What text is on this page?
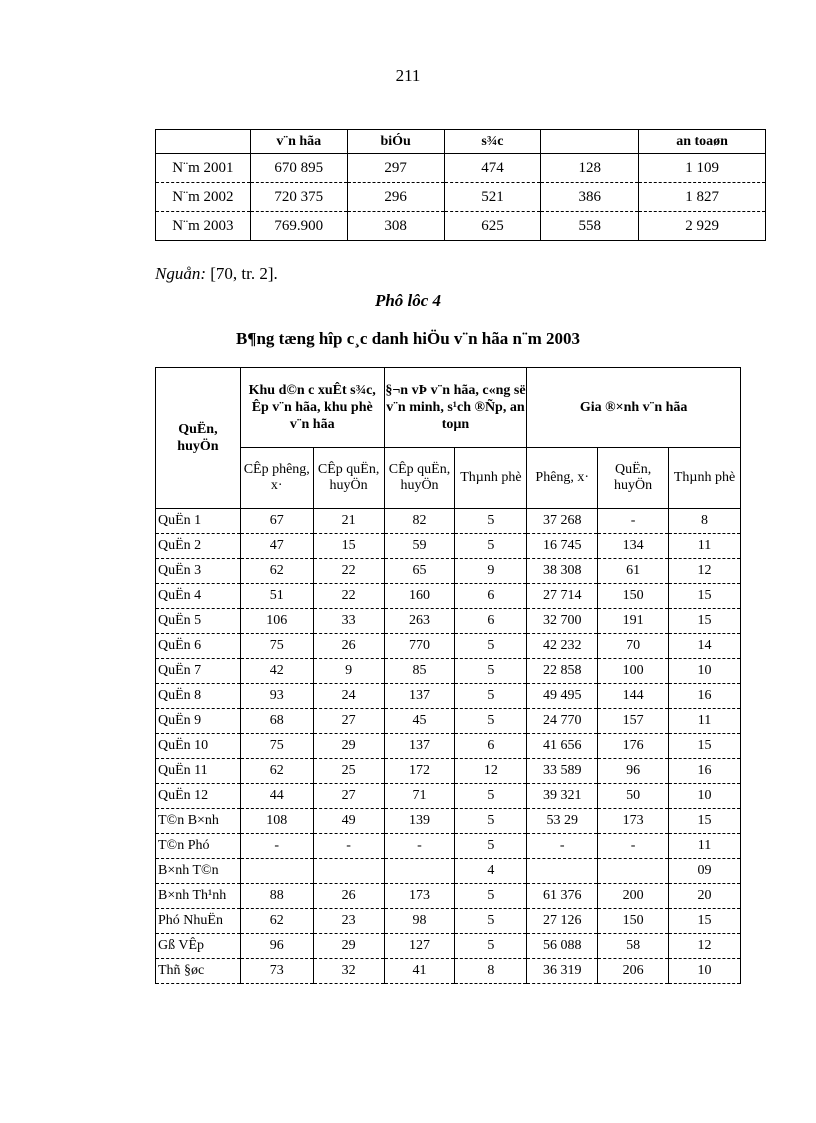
211
	v¨n hãa	biÓu	s¾c		an toaøn
N¨m 2001	670 895	297	474	128	1 109
N¨m 2002	720 375	296	521	386	1 827
N¨m 2003	769.900	308	625	558	2 929
Nguån: [70, tr. 2].
Phô lôc 4
B¶ng tæng hîp c¸c danh hiÖu v¨n hãa n¨m 2003
QuËn, huyÖn	Khu d©n c xuÊt s¾c, Êp v¨n hãa, khu phè v¨n hãa		§¬n vÞ v¨n hãa, c«ng së v¨n minh, s¹ch ®Ñp, an toµn		Gia ®×nh v¨n hãa		
	CÊp phêng, x·	CÊp quËn, huyÖn	CÊp quËn, huyÖn	Thµnh phè	Phêng, x·	QuËn, huyÖn	Thµnh phè
QuËn 1	67	21	82	5	37 268	-	8
QuËn 2	47	15	59	5	16 745	134	11
QuËn 3	62	22	65	9	38 308	61	12
QuËn 4	51	22	160	6	27 714	150	15
QuËn 5	106	33	263	6	32 700	191	15
QuËn 6	75	26	770	5	42 232	70	14
QuËn 7	42	9	85	5	22 858	100	10
QuËn 8	93	24	137	5	49 495	144	16
QuËn 9	68	27	45	5	24 770	157	11
QuËn 10	75	29	137	6	41 656	176	15
QuËn 11	62	25	172	12	33 589	96	16
QuËn 12	44	27	71	5	39 321	50	10
T©n B×nh	108	49	139	5	53 29	173	15
T©n Phó	-	-	-	5	-	-	11
B×nh T©n				4			09
B×nh Th¹nh	88	26	173	5	61 376	200	20
Phó NhuËn	62	23	98	5	27 126	150	15
Gß VÊp	96	29	127	5	56 088	58	12
Thñ §øc	73	32	41	8	36 319	206	10
